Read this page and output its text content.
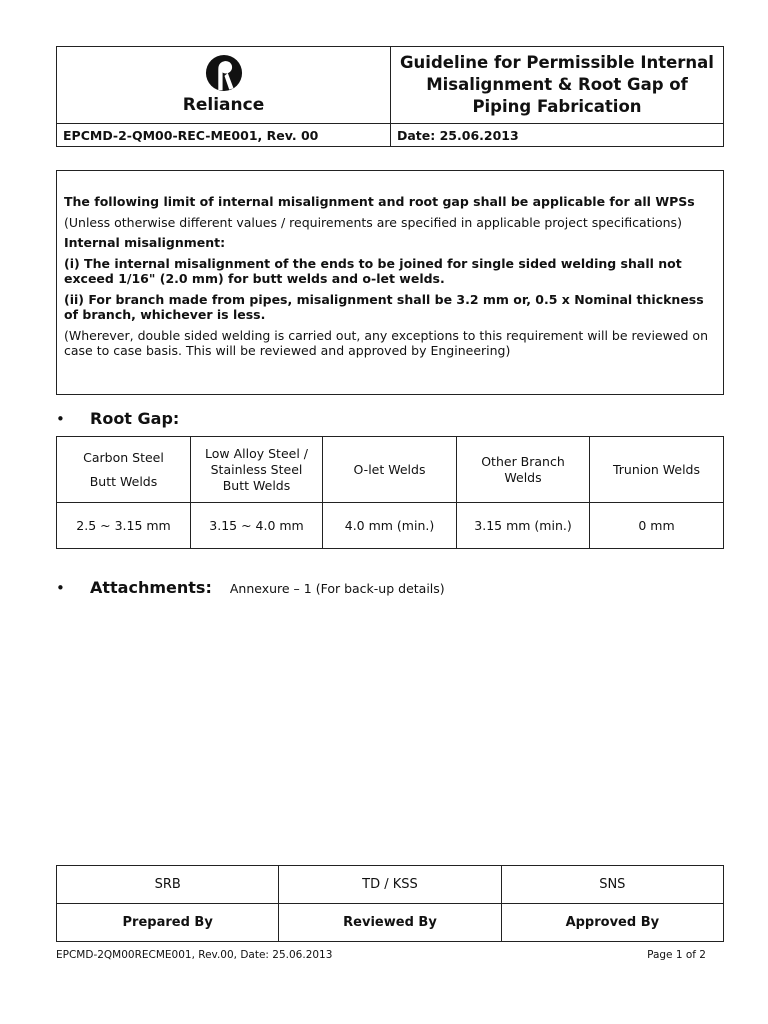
Reliance
Guideline for Permissible Internal Misalignment & Root Gap of Piping Fabrication
EPCMD-2-QM00-REC-ME001, Rev. 00	Date: 25.06.2013

The following limit of internal misalignment and root gap shall be applicable for all WPSs

(Unless otherwise different values / requirements are specified in applicable project specifications)

Internal misalignment:

(i) The internal misalignment of the ends to be joined for single sided welding shall not exceed 1/16" (2.0 mm) for butt welds and o-let welds.

(ii) For branch made from pipes, misalignment shall be 3.2 mm or, 0.5 x Nominal thickness of branch, whichever is less.

(Wherever, double sided welding is carried out, any exceptions to this requirement will be reviewed on case to case basis. This will be reviewed and approved by Engineering)

•	Root Gap:
Carbon Steel
Butt Welds	Low Alloy Steel / Stainless Steel Butt Welds	O-let Welds	Other Branch Welds	Trunion Welds
2.5 ~ 3.15 mm	3.15 ~ 4.0 mm	4.0 mm (min.)	3.15 mm (min.)	0 mm
•	Attachments: Annexure – 1 (For back-up details)
SRB	TD / KSS	SNS
Prepared By	Reviewed By	Approved By
EPCMD-2QM00RECME001, Rev.00, Date: 25.06.2013	Page 1 of 2
